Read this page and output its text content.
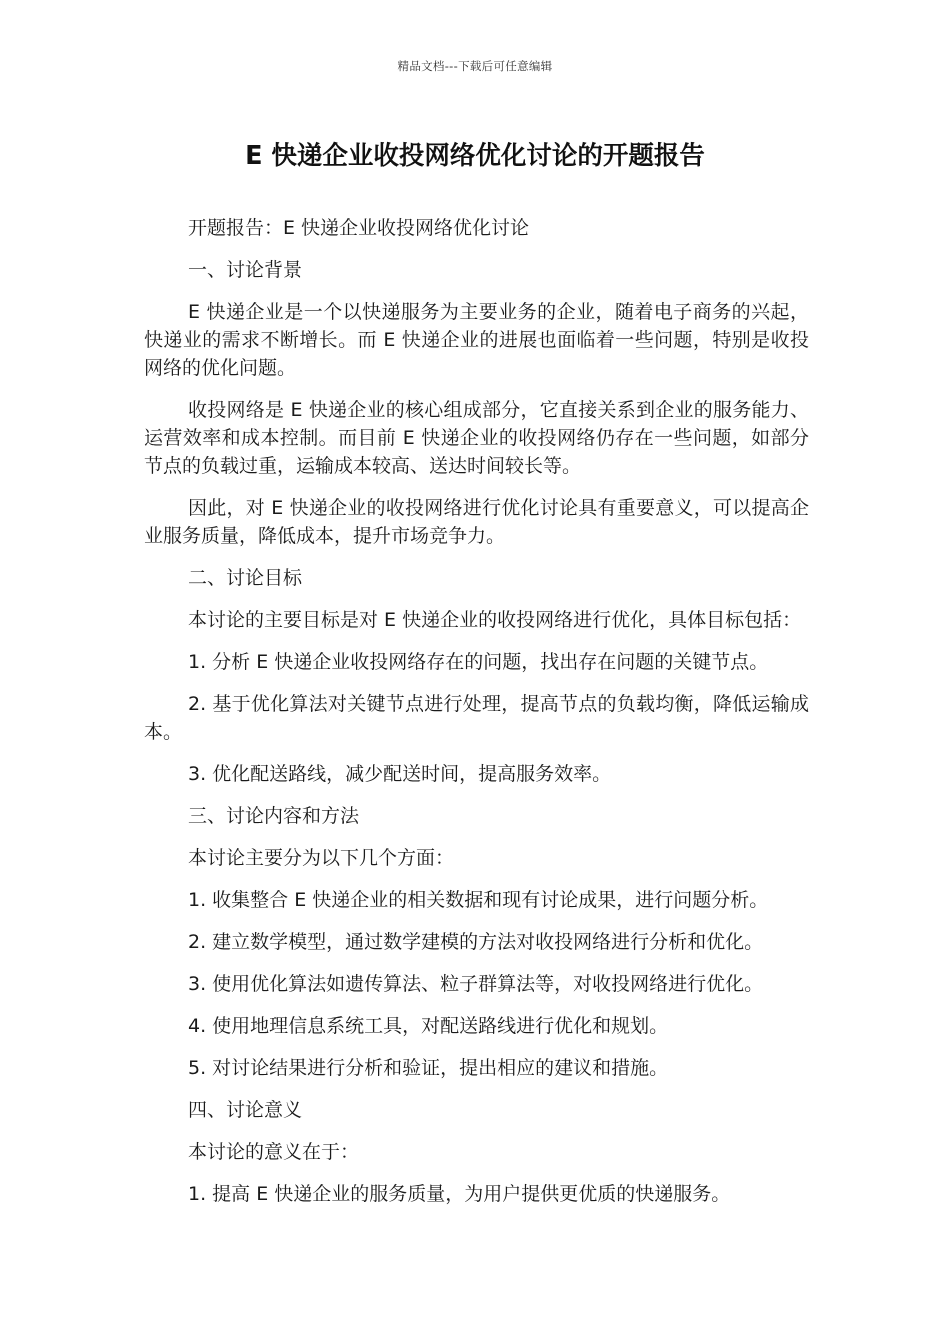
精品文档---下载后可任意编辑
E 快递企业收投网络优化讨论的开题报告

开题报告：E 快递企业收投网络优化讨论

一、讨论背景

E 快递企业是一个以快递服务为主要业务的企业，随着电子商务的兴起，快递业的需求不断增长。而 E 快递企业的进展也面临着一些问题，特别是收投网络的优化问题。

收投网络是 E 快递企业的核心组成部分，它直接关系到企业的服务能力、运营效率和成本控制。而目前 E 快递企业的收投网络仍存在一些问题，如部分节点的负载过重，运输成本较高、送达时间较长等。

因此，对 E 快递企业的收投网络进行优化讨论具有重要意义，可以提高企业服务质量，降低成本，提升市场竞争力。

二、讨论目标

本讨论的主要目标是对 E 快递企业的收投网络进行优化，具体目标包括：

1. 分析 E 快递企业收投网络存在的问题，找出存在问题的关键节点。

2. 基于优化算法对关键节点进行处理，提高节点的负载均衡，降低运输成本。

3. 优化配送路线，减少配送时间，提高服务效率。

三、讨论内容和方法

本讨论主要分为以下几个方面：

1. 收集整合 E 快递企业的相关数据和现有讨论成果，进行问题分析。

2. 建立数学模型，通过数学建模的方法对收投网络进行分析和优化。

3. 使用优化算法如遗传算法、粒子群算法等，对收投网络进行优化。

4. 使用地理信息系统工具，对配送路线进行优化和规划。

5. 对讨论结果进行分析和验证，提出相应的建议和措施。

四、讨论意义

本讨论的意义在于：

1. 提高 E 快递企业的服务质量，为用户提供更优质的快递服务。
